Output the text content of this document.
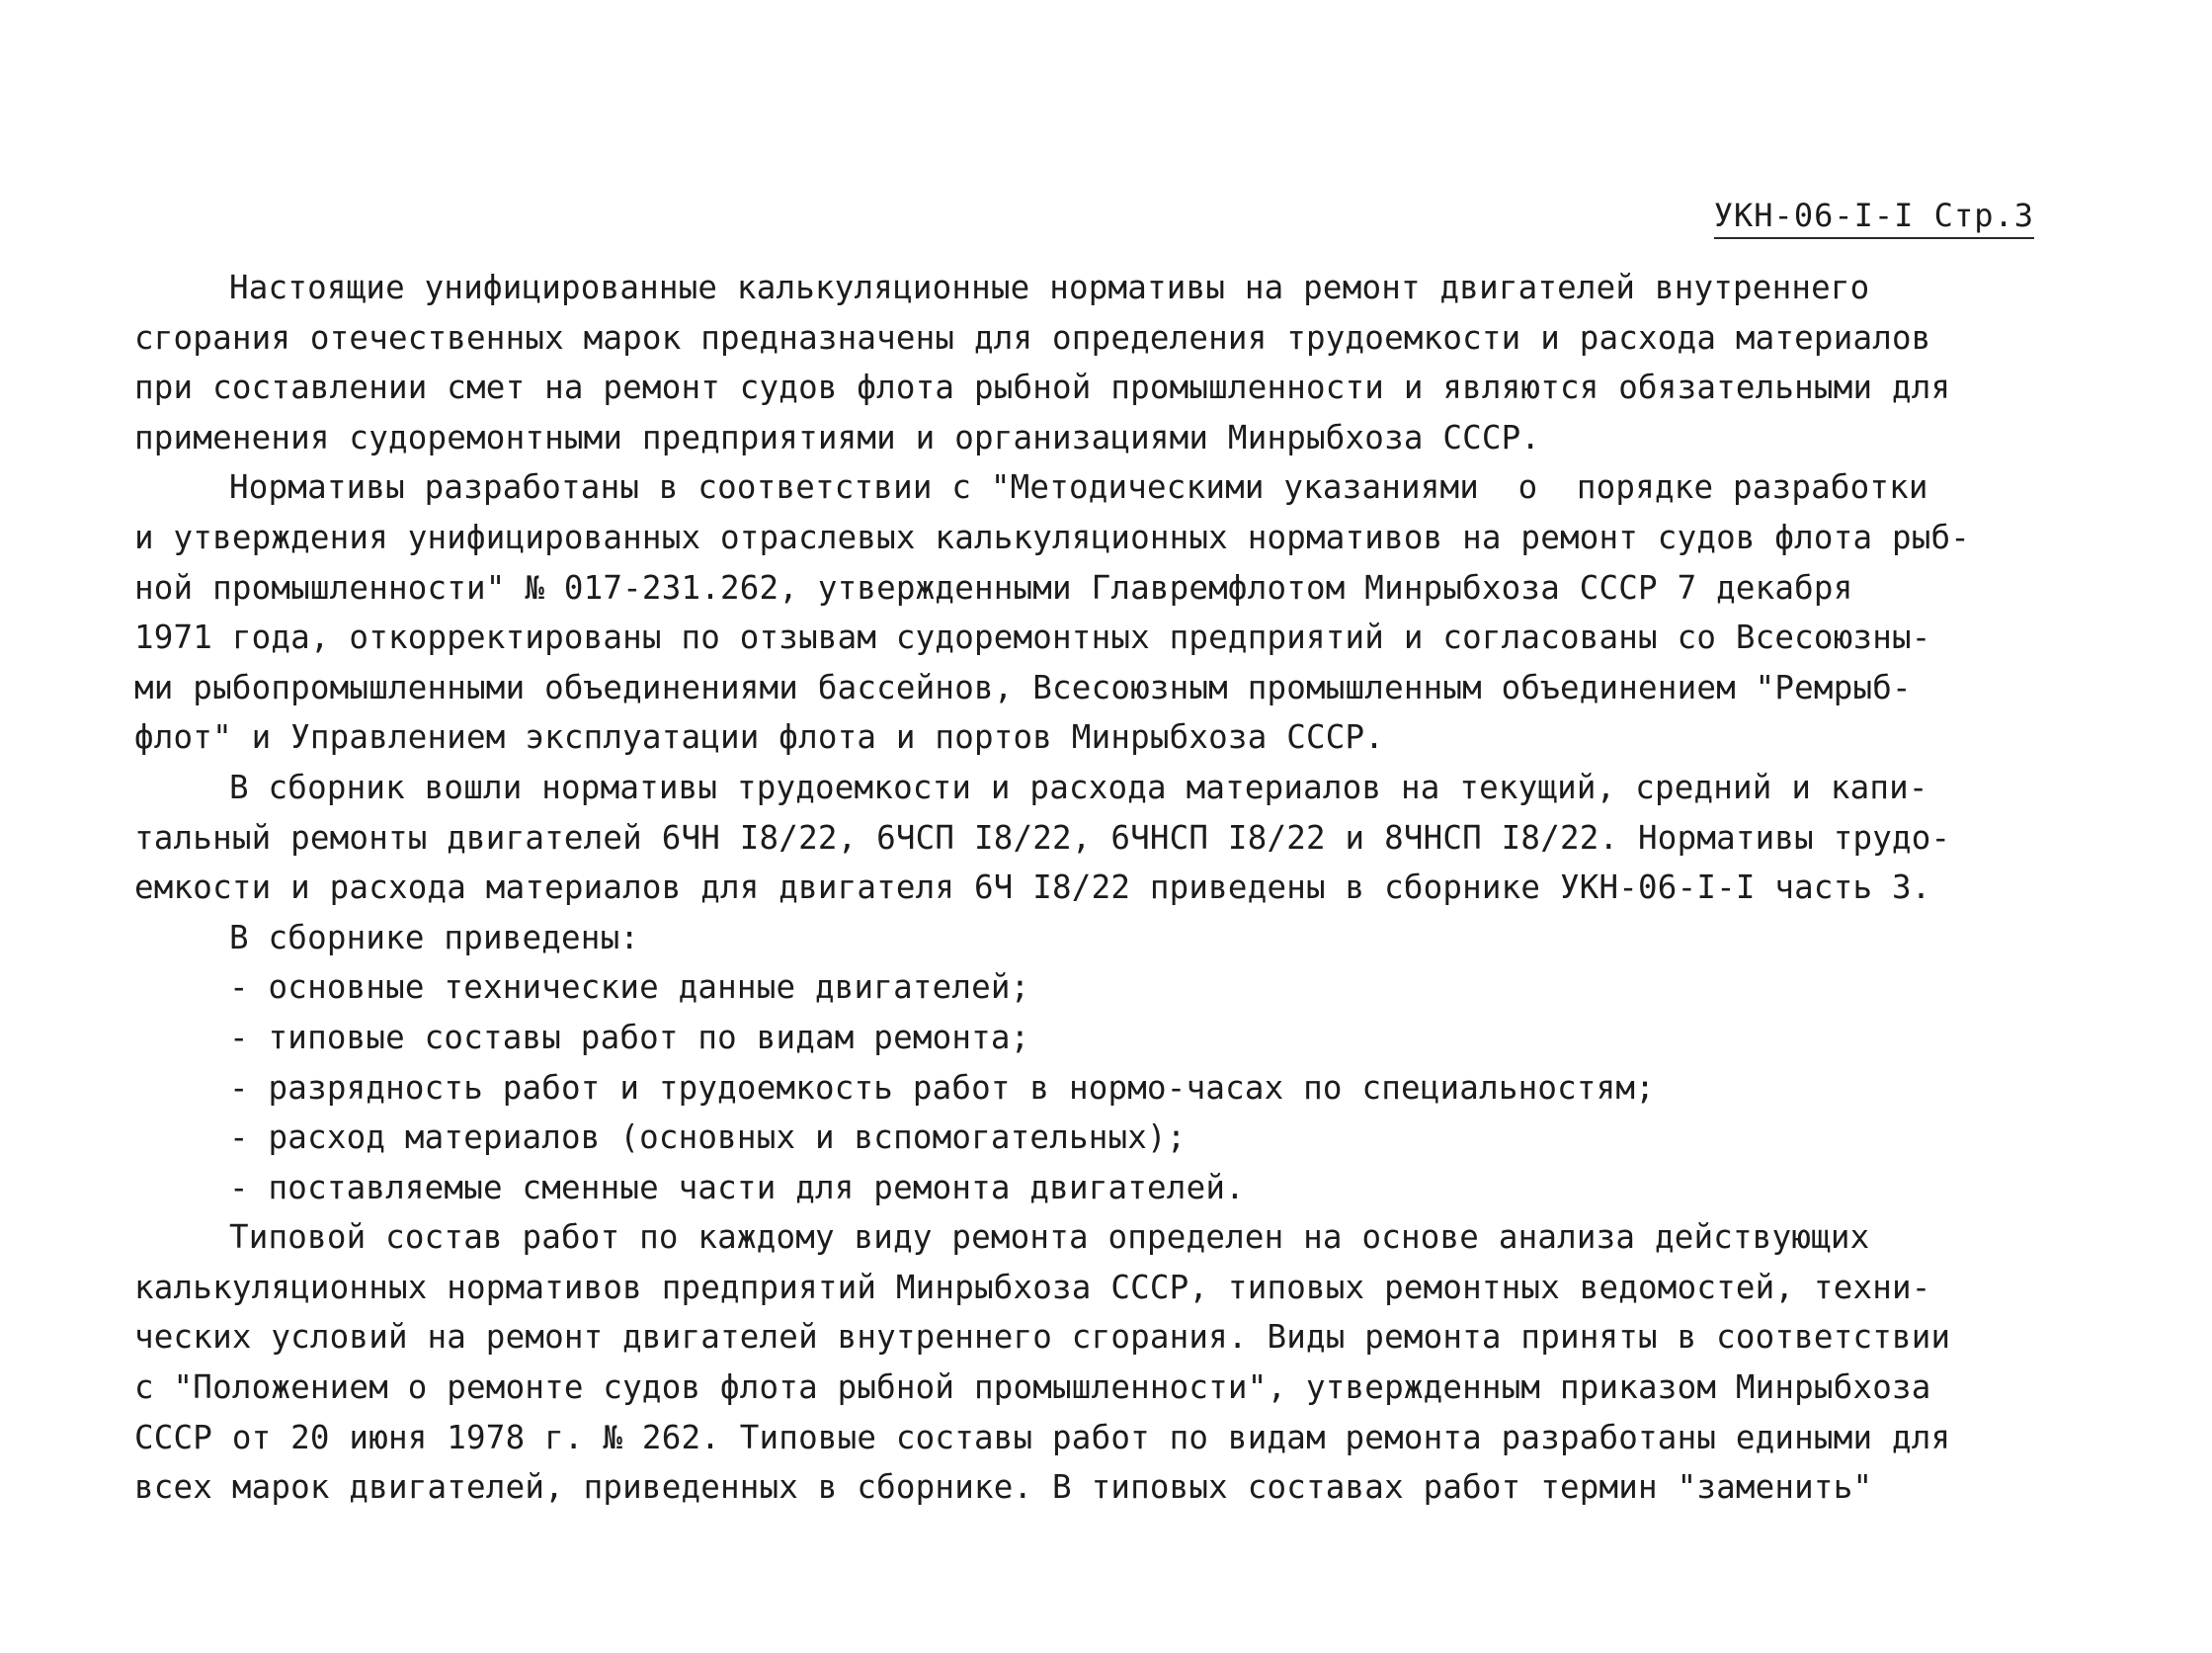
УКН-06-I-I Стр.3
Настоящие унифицированные калькуляционные нормативы на ремонт двигателей внутреннего
сгорания отечественных марок предназначены для определения трудоемкости и расхода материалов
при составлении смет на ремонт судов флота рыбной промышленности и являются обязательными для
применения судоремонтными предприятиями и организациями Минрыбхоза СССР.
Нормативы разработаны в соответствии с "Методическими указаниями  о  порядке разработки
и утверждения унифицированных отраслевых калькуляционных нормативов на ремонт судов флота рыб-
ной промышленности" № 017-231.262, утвержденными Главремфлотом Минрыбхоза СССР 7 декабря
1971 года, откорректированы по отзывам судоремонтных предприятий и согласованы со Всесоюзны-
ми рыбопромышленными объединениями бассейнов, Всесоюзным промышленным объединением "Ремрыб-
флот" и Управлением эксплуатации флота и портов Минрыбхоза СССР.
В сборник вошли нормативы трудоемкости и расхода материалов на текущий, средний и капи-
тальный ремонты двигателей 6ЧН I8/22, 6ЧСП I8/22, 6ЧНСП I8/22 и 8ЧНСП I8/22. Нормативы трудо-
емкости и расхода материалов для двигателя 6Ч I8/22 приведены в сборнике УКН-06-I-I часть 3.
В сборнике приведены:
- основные технические данные двигателей;
- типовые составы работ по видам ремонта;
- разрядность работ и трудоемкость работ в нормо-часах по специальностям;
- расход материалов (основных и вспомогательных);
- поставляемые сменные части для ремонта двигателей.
Типовой состав работ по каждому виду ремонта определен на основе анализа действующих
калькуляционных нормативов предприятий Минрыбхоза СССР, типовых ремонтных ведомостей, техни-
ческих условий на ремонт двигателей внутреннего сгорания. Виды ремонта приняты в соответствии
с "Положением о ремонте судов флота рыбной промышленности", утвержденным приказом Минрыбхоза
СССР от 20 июня 1978 г. № 262. Типовые составы работ по видам ремонта разработаны едиными для
всех марок двигателей, приведенных в сборнике. В типовых составах работ термин "заменить"
